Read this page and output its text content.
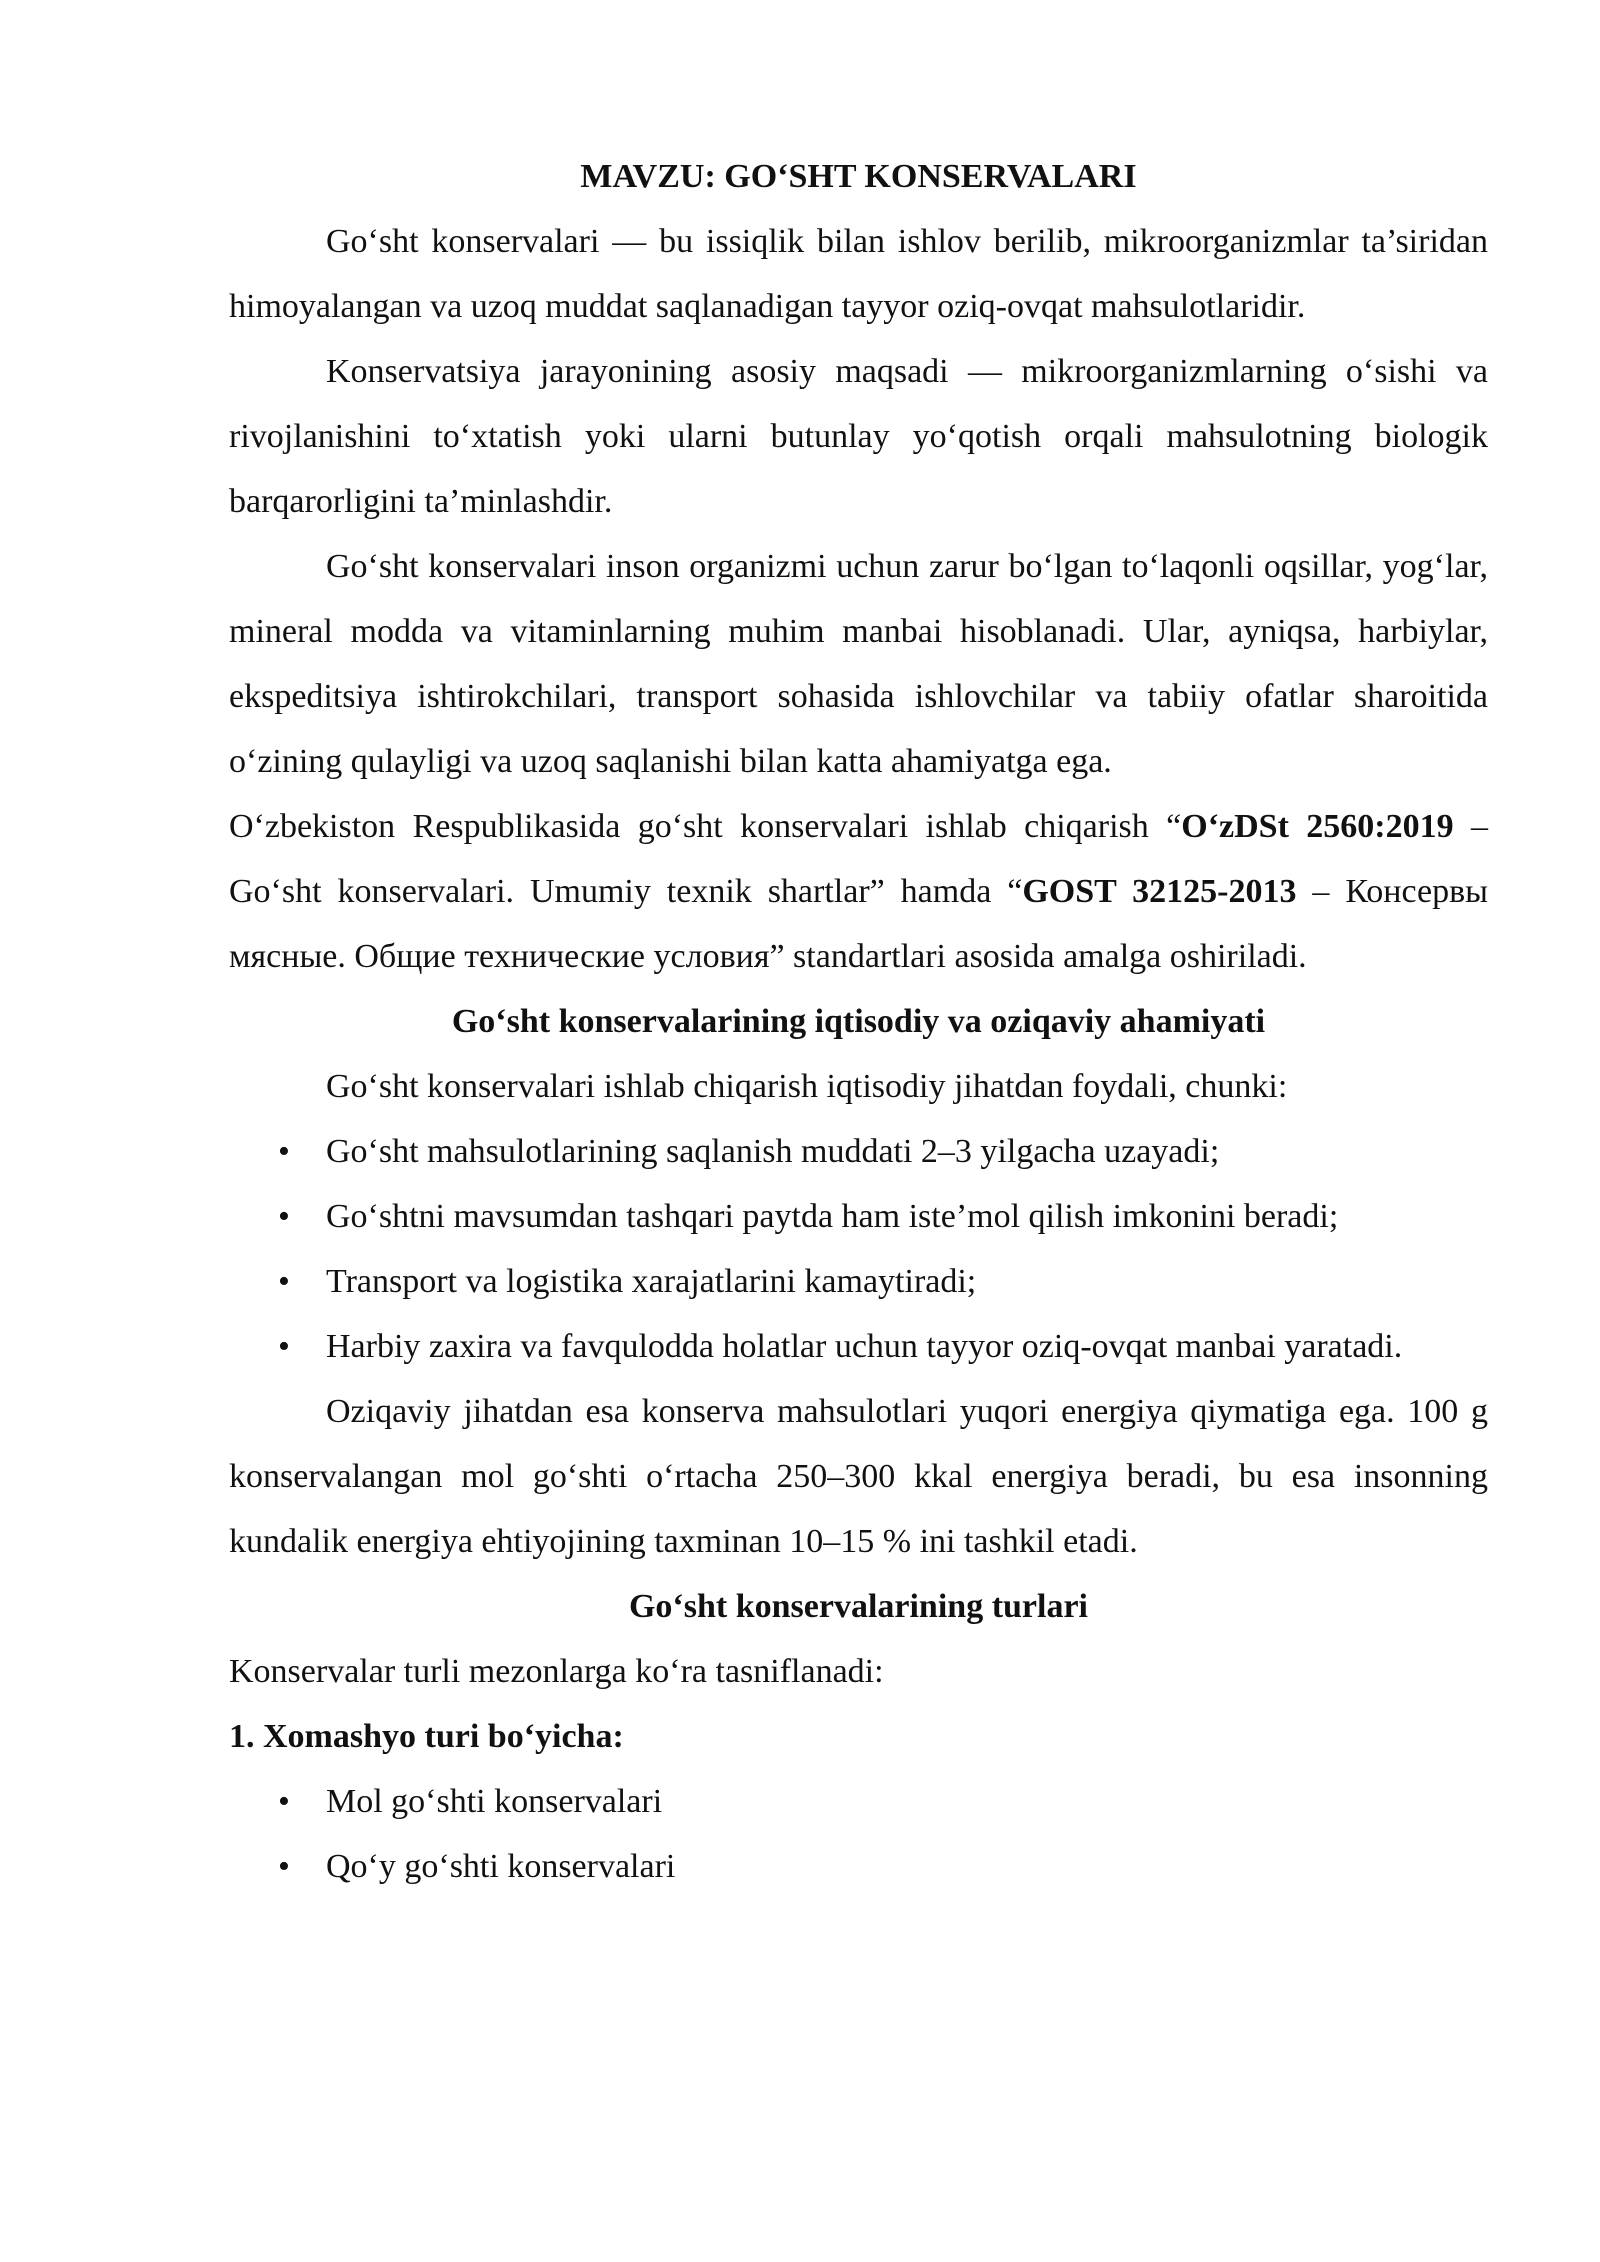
MAVZU: GO‘SHT KONSERVALARI

Go‘sht konservalari — bu issiqlik bilan ishlov berilib, mikroorganizmlar ta’siridan himoyalangan va uzoq muddat saqlanadigan tayyor oziq-ovqat mahsulotlaridir.

Konservatsiya jarayonining asosiy maqsadi — mikroorganizmlarning o‘sishi va rivojlanishini to‘xtatish yoki ularni butunlay yo‘qotish orqali mahsulotning biologik barqarorligini ta’minlashdir.

Go‘sht konservalari inson organizmi uchun zarur bo‘lgan to‘laqonli oqsillar, yog‘lar, mineral modda va vitaminlarning muhim manbai hisoblanadi. Ular, ayniqsa, harbiylar, ekspeditsiya ishtirokchilari, transport sohasida ishlovchilar va tabiiy ofatlar sharoitida o‘zining qulayligi va uzoq saqlanishi bilan katta ahamiyatga ega.

O‘zbekiston Respublikasida go‘sht konservalari ishlab chiqarish “O‘zDSt 2560:2019 – Go‘sht konservalari. Umumiy texnik shartlar” hamda “GOST 32125-2013 – Консервы мясные. Общие технические условия” standartlari asosida amalga oshiriladi.

Go‘sht konservalarining iqtisodiy va oziqaviy ahamiyati

Go‘sht konservalari ishlab chiqarish iqtisodiy jihatdan foydali, chunki:

• Go‘sht mahsulotlarining saqlanish muddati 2–3 yilgacha uzayadi;
• Go‘shtni mavsumdan tashqari paytda ham iste’mol qilish imkonini beradi;
• Transport va logistika xarajatlarini kamaytiradi;
• Harbiy zaxira va favqulodda holatlar uchun tayyor oziq-ovqat manbai yaratadi.

Oziqaviy jihatdan esa konserva mahsulotlari yuqori energiya qiymatiga ega. 100 g konservalangan mol go‘shti o‘rtacha 250–300 kkal energiya beradi, bu esa insonning kundalik energiya ehtiyojining taxminan 10–15 % ini tashkil etadi.

Go‘sht konservalarining turlari

Konservalar turli mezonlarga ko‘ra tasniflanadi:

1. Xomashyo turi bo‘yicha:

• Mol go‘shti konservalari
• Qo‘y go‘shti konservalari
